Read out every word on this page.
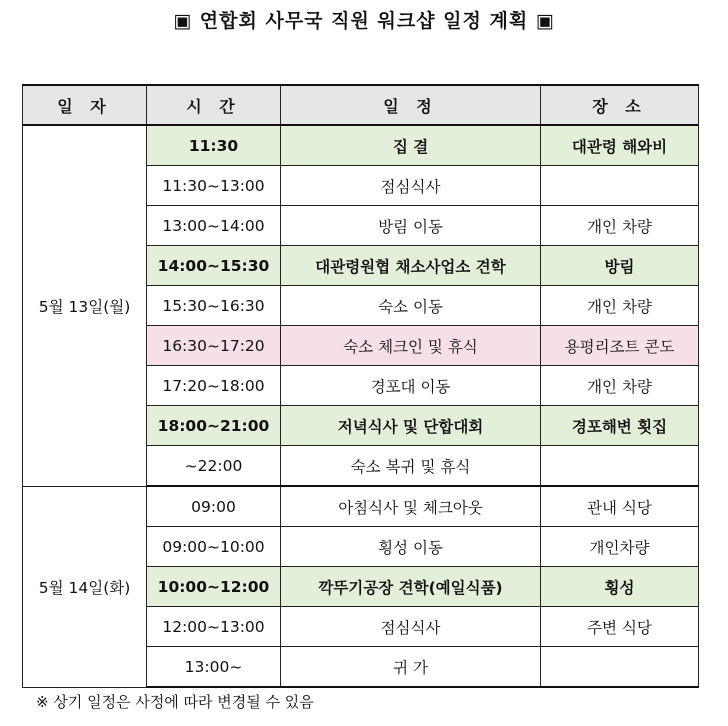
▣ 연합회 사무국 직원 워크샵 일정 계획 ▣
일 자	시 간	일 정	장 소
5월 13일(월)	11:30	집 결	대관령 해와비
	11:30~13:00	점심식사	
	13:00~14:00	방림 이동	개인 차량
	14:00~15:30	대관령원협 채소사업소 견학	방림
	15:30~16:30	숙소 이동	개인 차량
	16:30~17:20	숙소 체크인 및 휴식	용평리조트 콘도
	17:20~18:00	경포대 이동	개인 차량
	18:00~21:00	저녁식사 및 단합대회	경포해변 횟집
	~22:00	숙소 복귀 및 휴식	
5월 14일(화)	09:00	아침식사 및 체크아웃	관내 식당
	09:00~10:00	횡성 이동	개인차량
	10:00~12:00	깍뚜기공장 견학(예일식품)	횡성
	12:00~13:00	점심식사	주변 식당
	13:00~	귀 가	
※ 상기 일정은 사정에 따라 변경될 수 있음
